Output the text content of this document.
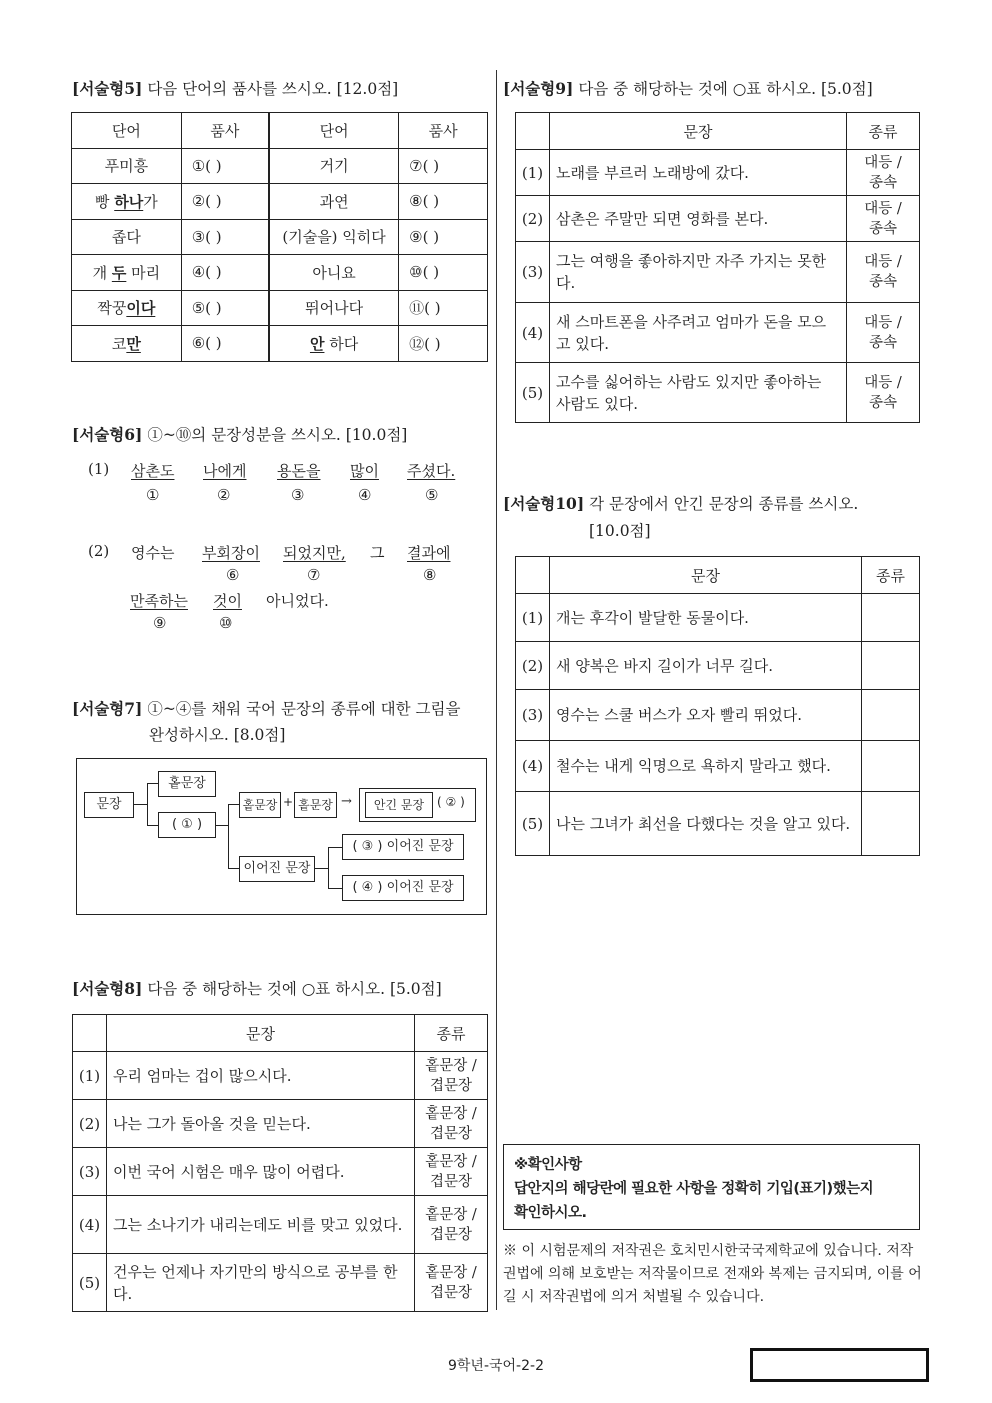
[서술형5] 다음 단어의 품사를 쓰시오. [12.0점]
단어	품사	단어	품사
푸미흥	①( )	거기	⑦( )
빵 하나가	②( )	과연	⑧( )
좁다	③( )	(기술을) 익히다	⑨( )
개 두 마리	④( )	아니요	⑩( )
짝꿍이다	⑤( )	뛰어나다	⑪( )
코만	⑥( )	안 하다	⑫( )
[서술형6] ①~⑩의 문장성분을 쓰시오. [10.0점]
(1) 삼촌도 나에게 용돈을 많이 주셨다.
①	②	③	④	⑤
(2) 영수는 부회장이 되었지만, 그 결과에
⑥	⑦	⑧
만족하는 것이 아니었다.
⑨	⑩
[서술형7] ①~④를 채워 국어 문장의 종류에 대한 그림을
완성하시오. [8.0점]
문장
홑문장
( ① )
홑문장 + 홑문장 →	안긴 문장	( ② )
이어진 문장
( ③ ) 이어진 문장
( ④ ) 이어진 문장
[서술형8] 다음 중 해당하는 것에 ○표 하시오. [5.0점]
	문장	종류
(1)	우리 엄마는 겁이 많으시다.	홑문장 /
겹문장

(2)	나는 그가 돌아올 것을 믿는다.	홑문장 /
겹문장

(3)	이번 국어 시험은 매우 많이 어렵다.	홑문장 /
겹문장

(4)	그는 소나기가 내리는데도 비를 맞고 있었다.	홑문장 /
겹문장

(5)	건우는 언제나 자기만의 방식으로 공부를 한다.	홑문장 /
겹문장
[서술형9] 다음 중 해당하는 것에 ○표 하시오. [5.0점]
	문장	종류
(1)	노래를 부르러 노래방에 갔다.	대등 /
종속

(2)	삼촌은 주말만 되면 영화를 본다.	대등 /
종속

(3)	그는 여행을 좋아하지만 자주 가지는 못한다.	대등 /
종속

(4)	새 스마트폰을 사주려고 엄마가 돈을 모으고 있다.	대등 /
종속

(5)	고수를 싫어하는 사람도 있지만 좋아하는 사람도 있다.	대등 /
종속
[서술형10] 각 문장에서 안긴 문장의 종류를 쓰시오.
[10.0점]
	문장	종류
(1)	개는 후각이 발달한 동물이다.	
(2)	새 양복은 바지 길이가 너무 길다.	
(3)	영수는 스쿨 버스가 오자 빨리 뛰었다.	
(4)	철수는 내게 익명으로 욕하지 말라고 했다.	
(5)	나는 그녀가 최선을 다했다는 것을 알고 있다.	
※확인사항
답안지의 해당란에 필요한 사항을 정확히 기입(표기)했는지
확인하시오.
※ 이 시험문제의 저작권은 호치민시한국국제학교에 있습니다. 저작권법에 의해 보호받는 저작물이므로 전재와 복제는 금지되며, 이를 어길 시 저작권법에 의거 처벌될 수 있습니다.
9학년-국어-2-2
